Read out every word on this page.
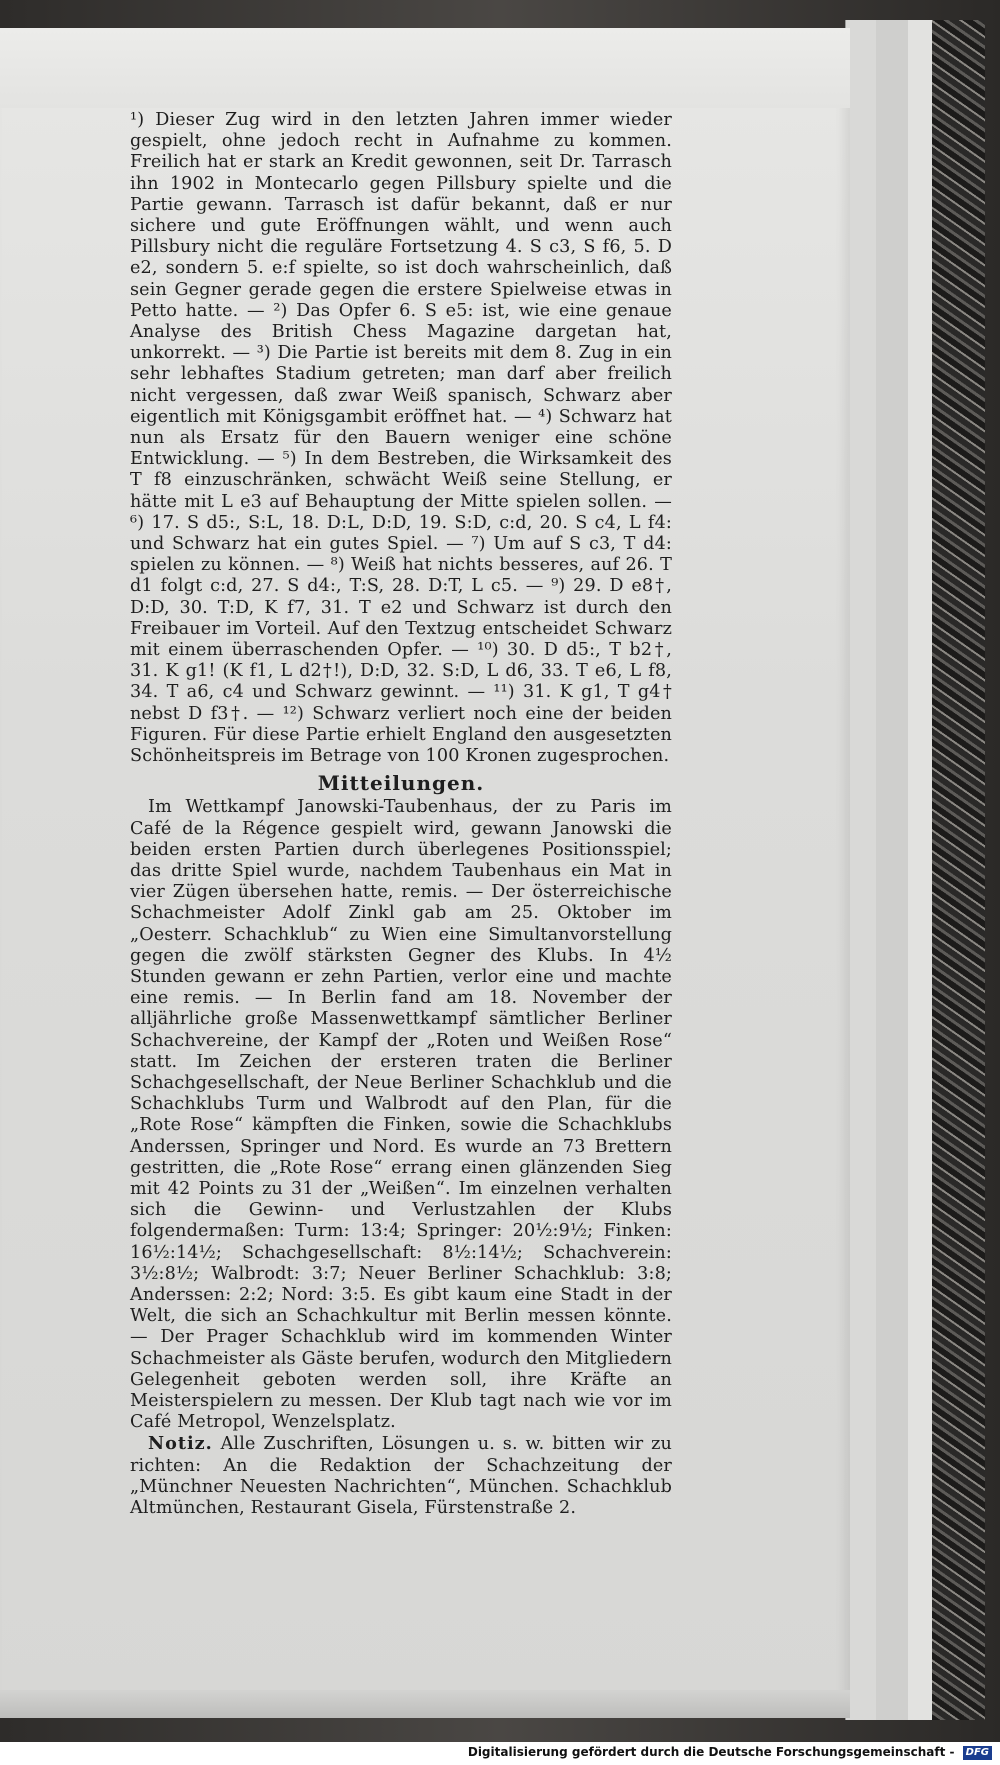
¹) Dieser Zug wird in den letzten Jahren immer wieder gespielt, ohne jedoch recht in Aufnahme zu kommen. Freilich hat er stark an Kredit gewonnen, seit Dr. Tarrasch ihn 1902 in Montecarlo gegen Pillsbury spielte und die Partie gewann. Tarrasch ist dafür bekannt, daß er nur sichere und gute Eröffnungen wählt, und wenn auch Pillsbury nicht die reguläre Fortsetzung 4. S c3, S f6, 5. D e2, sondern 5. e:f spielte, so ist doch wahrscheinlich, daß sein Gegner gerade gegen die erstere Spielweise etwas in Petto hatte. — ²) Das Opfer 6. S e5: ist, wie eine genaue Analyse des British Chess Magazine dargetan hat, unkorrekt. — ³) Die Partie ist bereits mit dem 8. Zug in ein sehr lebhaftes Stadium getreten; man darf aber freilich nicht vergessen, daß zwar Weiß spanisch, Schwarz aber eigentlich mit Königsgambit eröffnet hat. — ⁴) Schwarz hat nun als Ersatz für den Bauern weniger eine schöne Entwicklung. — ⁵) In dem Bestreben, die Wirksamkeit des T f8 einzuschränken, schwächt Weiß seine Stellung, er hätte mit L e3 auf Behauptung der Mitte spielen sollen. — ⁶) 17. S d5:, S:L, 18. D:L, D:D, 19. S:D, c:d, 20. S c4, L f4: und Schwarz hat ein gutes Spiel. — ⁷) Um auf S c3, T d4: spielen zu können. — ⁸) Weiß hat nichts besseres, auf 26. T d1 folgt c:d, 27. S d4:, T:S, 28. D:T, L c5. — ⁹) 29. D e8†, D:D, 30. T:D, K f7, 31. T e2 und Schwarz ist durch den Freibauer im Vorteil. Auf den Textzug entscheidet Schwarz mit einem überraschenden Opfer. — ¹⁰) 30. D d5:, T b2†, 31. K g1! (K f1, L d2†!), D:D, 32. S:D, L d6, 33. T e6, L f8, 34. T a6, c4 und Schwarz gewinnt. — ¹¹) 31. K g1, T g4† nebst D f3†. — ¹²) Schwarz verliert noch eine der beiden Figuren. Für diese Partie erhielt England den ausgesetzten Schönheitspreis im Betrage von 100 Kronen zugesprochen.

Mitteilungen.

Im Wettkampf Janowski-Taubenhaus, der zu Paris im Café de la Régence gespielt wird, gewann Janowski die beiden ersten Partien durch überlegenes Positionsspiel; das dritte Spiel wurde, nachdem Taubenhaus ein Mat in vier Zügen übersehen hatte, remis. — Der österreichische Schachmeister Adolf Zinkl gab am 25. Oktober im „Oesterr. Schachklub“ zu Wien eine Simultanvorstellung gegen die zwölf stärksten Gegner des Klubs. In 4½ Stunden gewann er zehn Partien, verlor eine und machte eine remis. — In Berlin fand am 18. November der alljährliche große Massenwettkampf sämtlicher Berliner Schachvereine, der Kampf der „Roten und Weißen Rose“ statt. Im Zeichen der ersteren traten die Berliner Schachgesellschaft, der Neue Berliner Schachklub und die Schachklubs Turm und Walbrodt auf den Plan, für die „Rote Rose“ kämpften die Finken, sowie die Schachklubs Anderssen, Springer und Nord. Es wurde an 73 Brettern gestritten, die „Rote Rose“ errang einen glänzenden Sieg mit 42 Points zu 31 der „Weißen“. Im einzelnen verhalten sich die Gewinn- und Verlustzahlen der Klubs folgendermaßen: Turm: 13:4; Springer: 20½:9½; Finken: 16½:14½; Schachgesellschaft: 8½:14½; Schachverein: 3½:8½; Walbrodt: 3:7; Neuer Berliner Schachklub: 3:8; Anderssen: 2:2; Nord: 3:5. Es gibt kaum eine Stadt in der Welt, die sich an Schachkultur mit Berlin messen könnte. — Der Prager Schachklub wird im kommenden Winter Schachmeister als Gäste berufen, wodurch den Mitgliedern Gelegenheit geboten werden soll, ihre Kräfte an Meisterspielern zu messen. Der Klub tagt nach wie vor im Café Metropol, Wenzelsplatz.

Notiz. Alle Zuschriften, Lösungen u. s. w. bitten wir zu richten: An die Redaktion der Schachzeitung der „Münchner Neuesten Nachrichten“, München. Schachklub Altmünchen, Restaurant Gisela, Fürstenstraße 2.

Digitalisierung gefördert durch die Deutsche Forschungsgemeinschaft - DFG
